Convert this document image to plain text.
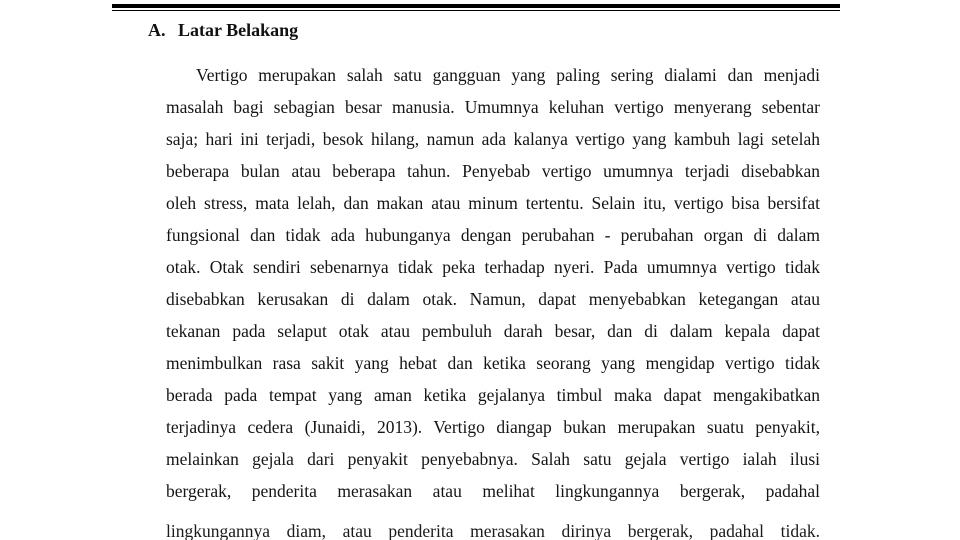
A. Latar Belakang
Vertigo merupakan salah satu gangguan yang paling sering dialami dan menjadi
masalah bagi sebagian besar manusia. Umumnya keluhan vertigo menyerang sebentar
saja; hari ini terjadi, besok hilang, namun ada kalanya vertigo yang kambuh lagi setelah
beberapa bulan atau beberapa tahun. Penyebab vertigo umumnya terjadi disebabkan
oleh stress, mata lelah, dan makan atau minum tertentu. Selain itu, vertigo bisa bersifat
fungsional dan tidak ada hubunganya dengan perubahan - perubahan organ di dalam
otak. Otak sendiri sebenarnya tidak peka terhadap nyeri. Pada umumnya vertigo tidak
disebabkan kerusakan di dalam otak. Namun, dapat menyebabkan ketegangan atau
tekanan pada selaput otak atau pembuluh darah besar, dan di dalam kepala dapat
menimbulkan rasa sakit yang hebat dan ketika seorang yang mengidap vertigo tidak
berada pada tempat yang aman ketika gejalanya timbul maka dapat mengakibatkan
terjadinya cedera (Junaidi, 2013). Vertigo diangap bukan merupakan suatu penyakit,
melainkan gejala dari penyakit penyebabnya. Salah satu gejala vertigo ialah ilusi
bergerak, penderita merasakan atau melihat lingkungannya bergerak, padahal
lingkungannya diam, atau penderita merasakan dirinya bergerak, padahal tidak.
